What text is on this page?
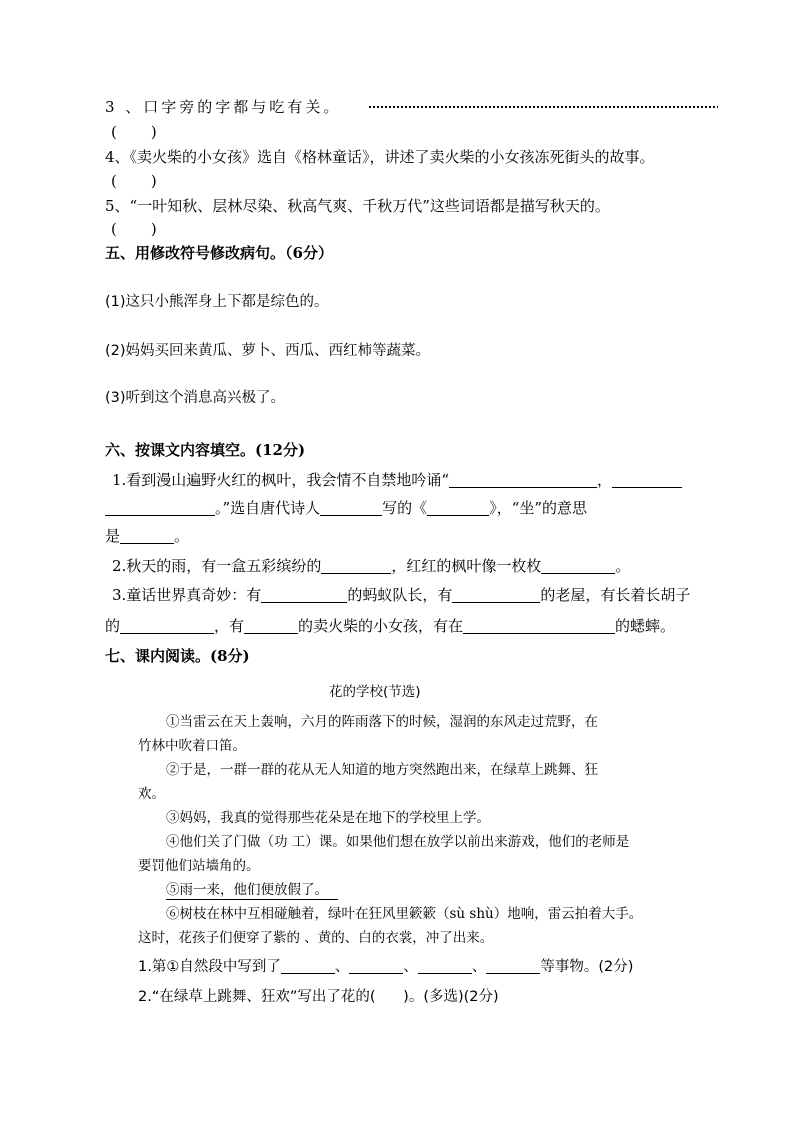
3 、口字旁的字都与吃有关。
( )
4、《卖火柴的小女孩》选自《格林童话》，讲述了卖火柴的小女孩冻死街头的故事。
( )
5、“一叶知秋、层林尽染、秋高气爽、千秋万代”这些词语都是描写秋天的。
( )
五、用修改符号修改病句。（6分）
(1)这只小熊浑身上下都是综色的。
(2)妈妈买回来黄瓜、萝卜、西瓜、西红柿等蔬菜。
(3)听到这个消息高兴极了。
六、按课文内容填空。(12分)
1.看到漫山遍野火红的枫叶，我会情不自禁地吟诵“	，
。”选自唐代诗人	写的《	》，“坐”的意思
是	。
2.秋天的雨，有一盒五彩缤纷的	，红红的枫叶像一枚枚	。
3.童话世界真奇妙：有	的蚂蚁队长，有	的老屋，有长着长胡子
的	，有	的卖火柴的小女孩，有在	的蟋蟀。
七、课内阅读。(8分)
花的学校(节选)
①当雷云在天上轰响，六月的阵雨落下的时候，湿润的东风走过荒野，在
竹林中吹着口笛。
②于是，一群一群的花从无人知道的地方突然跑出来，在绿草上跳舞、狂
欢。
③妈妈，我真的觉得那些花朵是在地下的学校里上学。
④他们关了门做（功 工）课。如果他们想在放学以前出来游戏，他们的老师是
要罚他们站墙角的。
⑤雨一来，他们便放假了。
⑥树枝在林中互相碰触着，绿叶在狂风里簌簌（sù shù）地响，雷云拍着大手。
这时，花孩子们便穿了紫的 、黄的、白的衣裳，冲了出来。
1.第①自然段中写到了	、	、	、	等事物。(2分)
2.“在绿草上跳舞、狂欢”写出了花的(      )。(多选)(2分)
